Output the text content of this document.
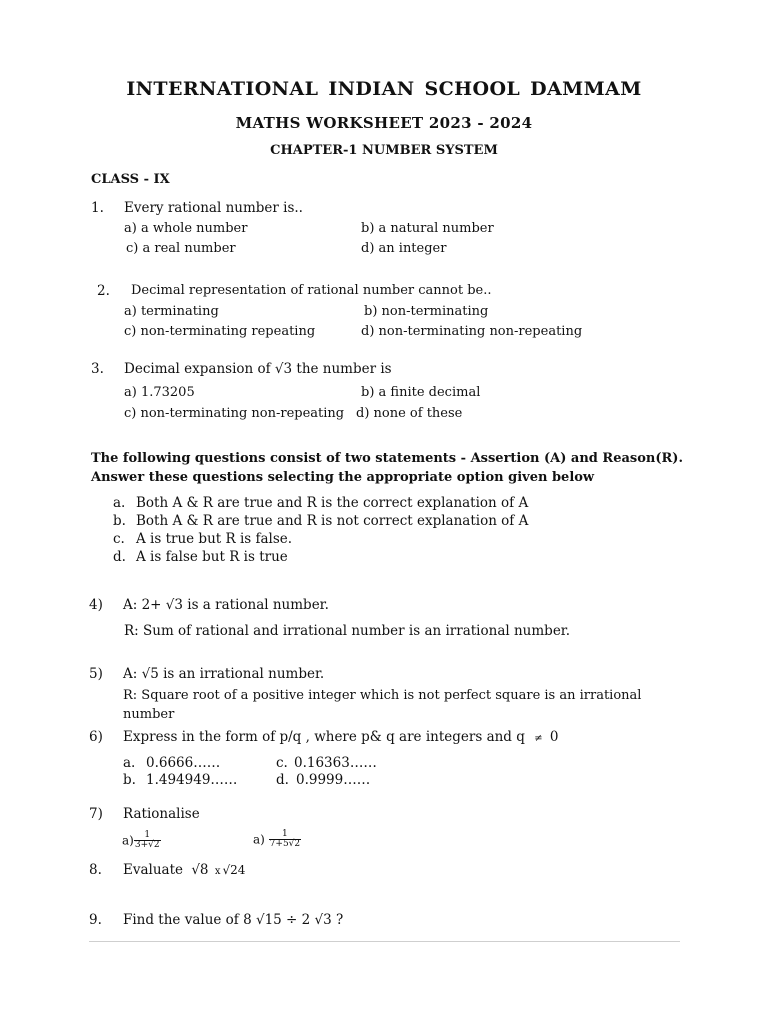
INTERNATIONAL INDIAN SCHOOL DAMMAM
MATHS WORKSHEET 2023 - 2024
CHAPTER-1 NUMBER SYSTEM
CLASS - IX
1. Every rational number is..
a) a whole number	b) a natural number
c) a real number	d) an integer
2. Decimal representation of rational number cannot be..
a) terminating	b) non-terminating
c) non-terminating repeating	d) non-terminating non-repeating
3. Decimal expansion of √3 the number is
a) 1.73205	b) a finite decimal
c) non-terminating non-repeating d) none of these
The following questions consist of two statements - Assertion (A) and Reason(R).
Answer these questions selecting the appropriate option given below
a. Both A & R are true and R is the correct explanation of A
b. Both A & R are true and R is not correct explanation of A
c. A is true but R is false.
d. A is false but R is true
4) A: 2+ √3 is a rational number.
R: Sum of rational and irrational number is an irrational number.
5) A: √5 is an irrational number.
R: Square root of a positive integer which is not perfect square is an irrational
number
6) Express in the form of p/q , where p& q are integers and q ≠ 0
a. 0.6666……	c. 0.16363……
b. 1.494949……	d. 0.9999……
7) Rationalise
$a) \frac{1}{3+√2}$	$a) \frac{1}{7+5√2}$
8. Evaluate √8 x √24
9. Find the value of 8 √15 ÷ 2 √3 ?
